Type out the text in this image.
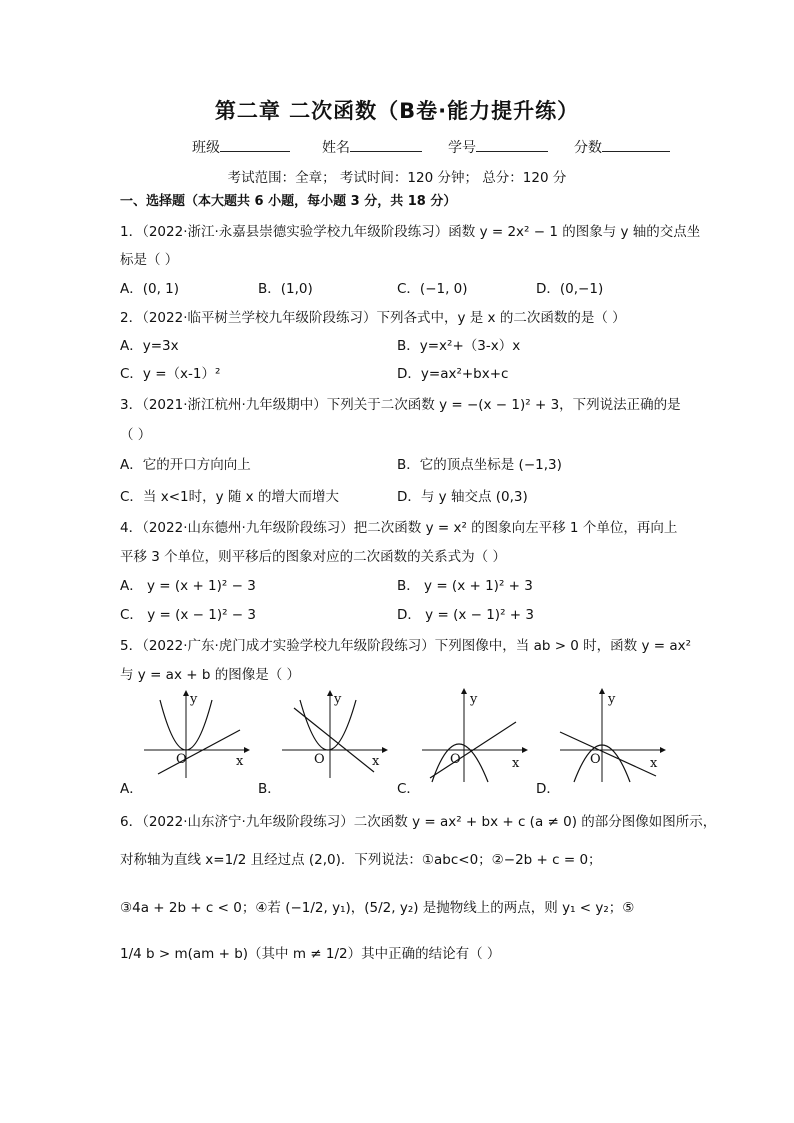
第二章 二次函数（B卷·能力提升练）
班级	姓名	学号	分数
考试范围：全章； 考试时间：120 分钟； 总分：120 分
一、选择题（本大题共 6 小题，每小题 3 分，共 18 分）
1．（2022·浙江·永嘉县崇德实验学校九年级阶段练习）函数 y = 2x² − 1 的图象与 y 轴的交点坐
标是（ ）
A．(0, 1)	B．(1,0)	C．(−1, 0)	D．(0,−1)
2．（2022·临平树兰学校九年级阶段练习）下列各式中，y 是 x 的二次函数的是（ ）
A．y=3x	B．y=x²+（3-x）x
C．y =（x-1）²	D．y=ax²+bx+c
3．（2021·浙江杭州·九年级期中）下列关于二次函数 y = −(x − 1)² + 3，下列说法正确的是
（ ）
A．它的开口方向向上	B．它的顶点坐标是 (−1,3)
C．当 x<1时，y 随 x 的增大而增大	D．与 y 轴交点 (0,3)
4．（2022·山东德州·九年级阶段练习）把二次函数 y = x² 的图象向左平移 1 个单位，再向上
平移 3 个单位，则平移后的图象对应的二次函数的关系式为（ ）
A． y = (x + 1)² − 3	B． y = (x + 1)² + 3
C． y = (x − 1)² − 3	D． y = (x − 1)² + 3
5．（2022·广东·虎门成才实验学校九年级阶段练习）下列图像中，当 ab > 0 时，函数 y = ax²
与 y = ax + b 的图像是（ ）
y
x
O
A．
y
x
O
B．
y
x
O
C．
y
x
O
D．
6．（2022·山东济宁·九年级阶段练习）二次函数 y = ax² + bx + c (a ≠ 0) 的部分图像如图所示，
对称轴为直线 x=1/2 且经过点 (2,0)．下列说法：①abc<0；②−2b + c = 0；
③4a + 2b + c < 0；④若 (−1/2, y₁)，(5/2, y₂) 是抛物线上的两点，则 y₁ < y₂；⑤
1/4 b > m(am + b)（其中 m ≠ 1/2）其中正确的结论有（ ）
